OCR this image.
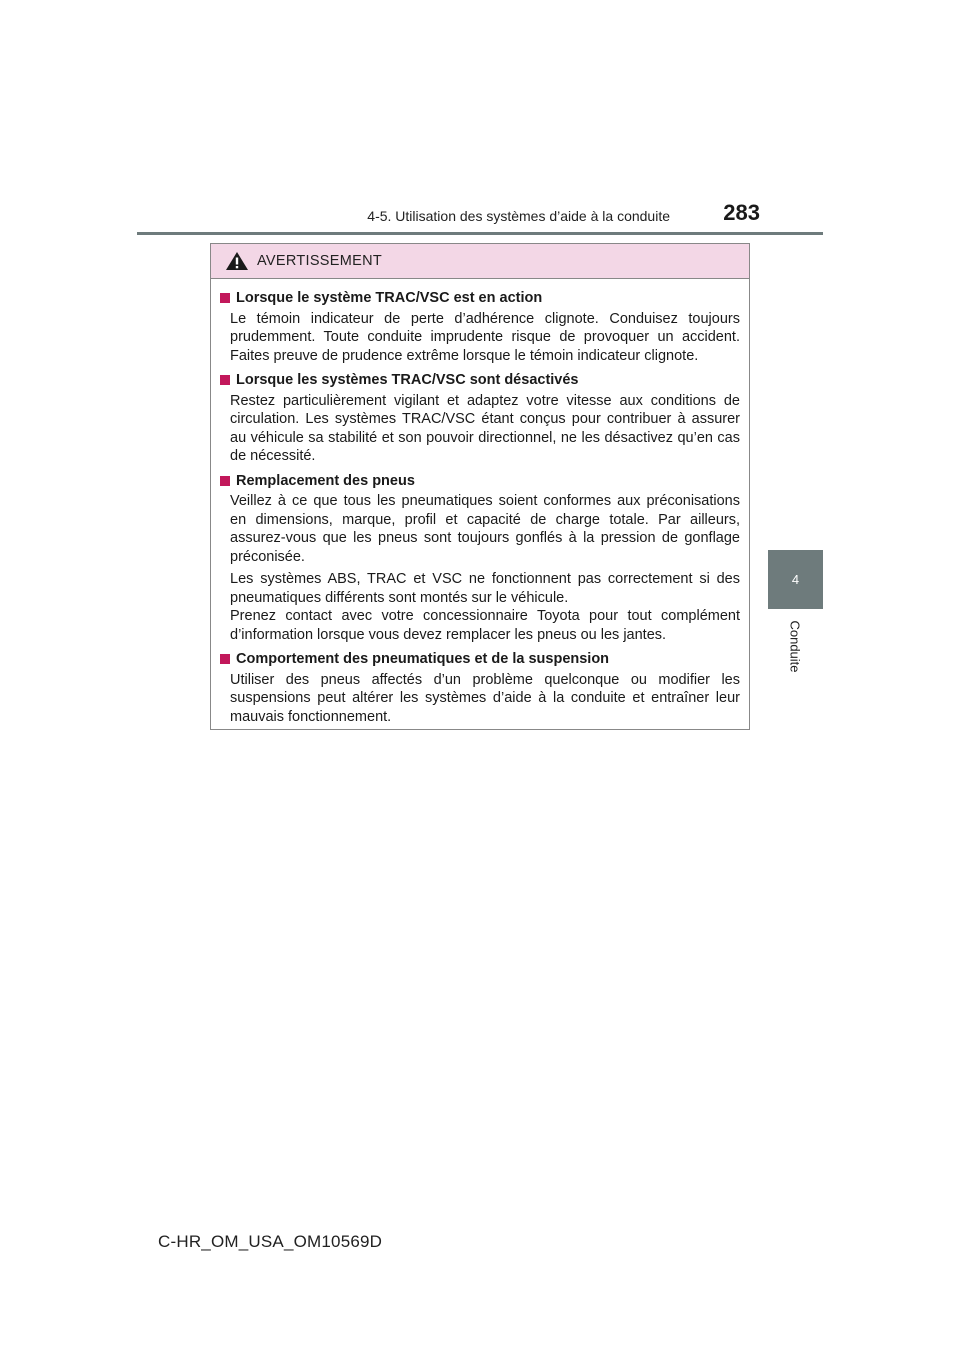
4-5. Utilisation des systèmes d’aide à la conduite	283
4
Conduite
AVERTISSEMENT
Lorsque le système TRAC/VSC est en action

Le témoin indicateur de perte d’adhérence clignote. Conduisez toujours prudemment. Toute conduite imprudente risque de provoquer un accident. Faites preuve de prudence extrême lorsque le témoin indicateur clignote.

Lorsque les systèmes TRAC/VSC sont désactivés

Restez particulièrement vigilant et adaptez votre vitesse aux conditions de circulation. Les systèmes TRAC/VSC étant conçus pour contribuer à assurer au véhicule sa stabilité et son pouvoir directionnel, ne les désactivez qu’en cas de nécessité.

Remplacement des pneus

Veillez à ce que tous les pneumatiques soient conformes aux préconisations en dimensions, marque, profil et capacité de charge totale. Par ailleurs, assurez-vous que les pneus sont toujours gonflés à la pression de gonflage préconisée.

Les systèmes ABS, TRAC et VSC ne fonctionnent pas correctement si des pneumatiques différents sont montés sur le véhicule.

Prenez contact avec votre concessionnaire Toyota pour tout complément d’information lorsque vous devez remplacer les pneus ou les jantes.

Comportement des pneumatiques et de la suspension

Utiliser des pneus affectés d’un problème quelconque ou modifier les suspensions peut altérer les systèmes d’aide à la conduite et entraîner leur mauvais fonctionnement.

C-HR_OM_USA_OM10569D
